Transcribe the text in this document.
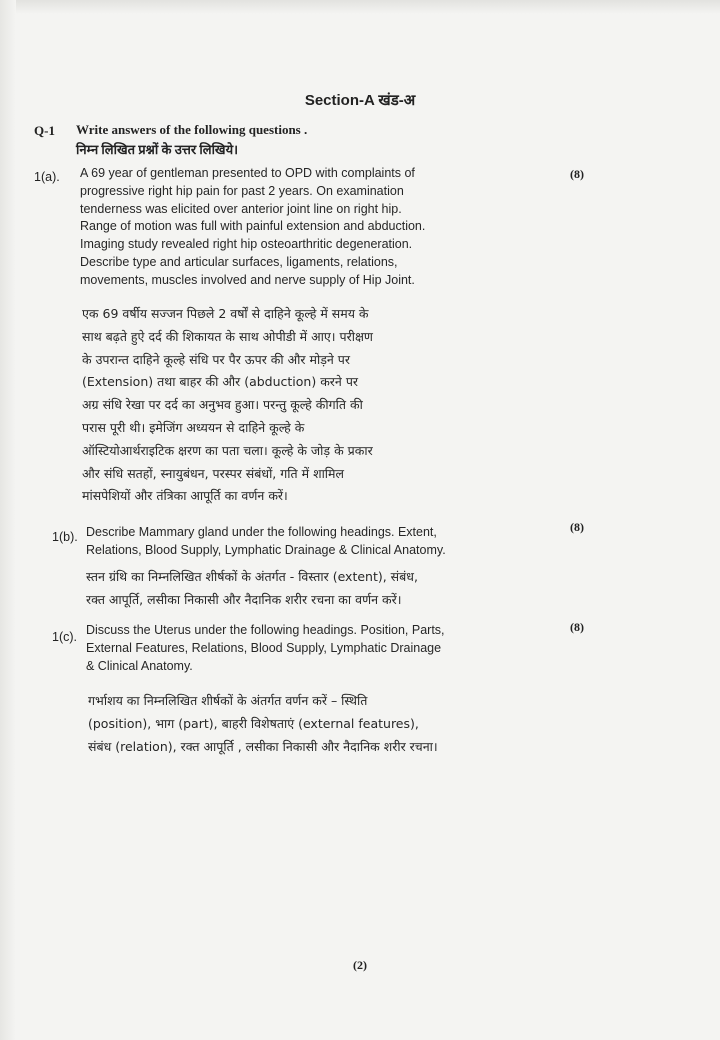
Section-A खंड-अ
Q-1 Write answers of the following questions .
निम्न लिखित प्रश्नों के उत्तर लिखिये।
1(a).	(8)
A 69 year of gentleman presented to OPD with complaints of
progressive right hip pain for past 2 years. On examination
tenderness was elicited over anterior joint line on right hip.
Range of motion was full with painful extension and abduction.
Imaging study revealed right hip osteoarthritic degeneration.
Describe type and articular surfaces, ligaments, relations,
movements, muscles involved and nerve supply of Hip Joint.
एक 69 वर्षीय सज्जन पिछले 2 वर्षों से दाहिने कूल्हे में समय के
साथ बढ़ते हुऐ दर्द की शिकायत के साथ ओपीडी में आए। परीक्षण
के उपरान्त दाहिने कूल्हे संधि पर पैर ऊपर की और मोड़ने पर
(Extension) तथा बाहर की और (abduction) करने पर
अग्र संधि रेखा पर दर्द का अनुभव हुआ। परन्तु कूल्हे कीगति की
परास पूरी थी। इमेजिंग अध्ययन से दाहिने कूल्हे के
ऑस्टियोआर्थराइटिक क्षरण का पता चला। कूल्हे के जोड़ के प्रकार
और संधि सतहों, स्नायुबंधन, परस्पर संबंधों, गति में शामिल
मांसपेशियों और तंत्रिका आपूर्ति का वर्णन करें।
1(b).
(8)
Describe Mammary gland under the following headings. Extent,
Relations, Blood Supply, Lymphatic Drainage & Clinical Anatomy.
स्तन ग्रंथि का निम्नलिखित शीर्षकों के अंतर्गत - विस्तार (extent), संबंध,
रक्त आपूर्ति, लसीका निकासी और नैदानिक शरीर रचना का वर्णन करें।
1(c).
(8)
Discuss the Uterus under the following headings. Position, Parts,
External Features, Relations, Blood Supply, Lymphatic Drainage
& Clinical Anatomy.
गर्भाशय का निम्नलिखित शीर्षकों के अंतर्गत वर्णन करें – स्थिति
(position), भाग (part), बाहरी विशेषताएं (external features),
संबंध (relation), रक्त आपूर्ति , लसीका निकासी और नैदानिक शरीर रचना।
(2)
